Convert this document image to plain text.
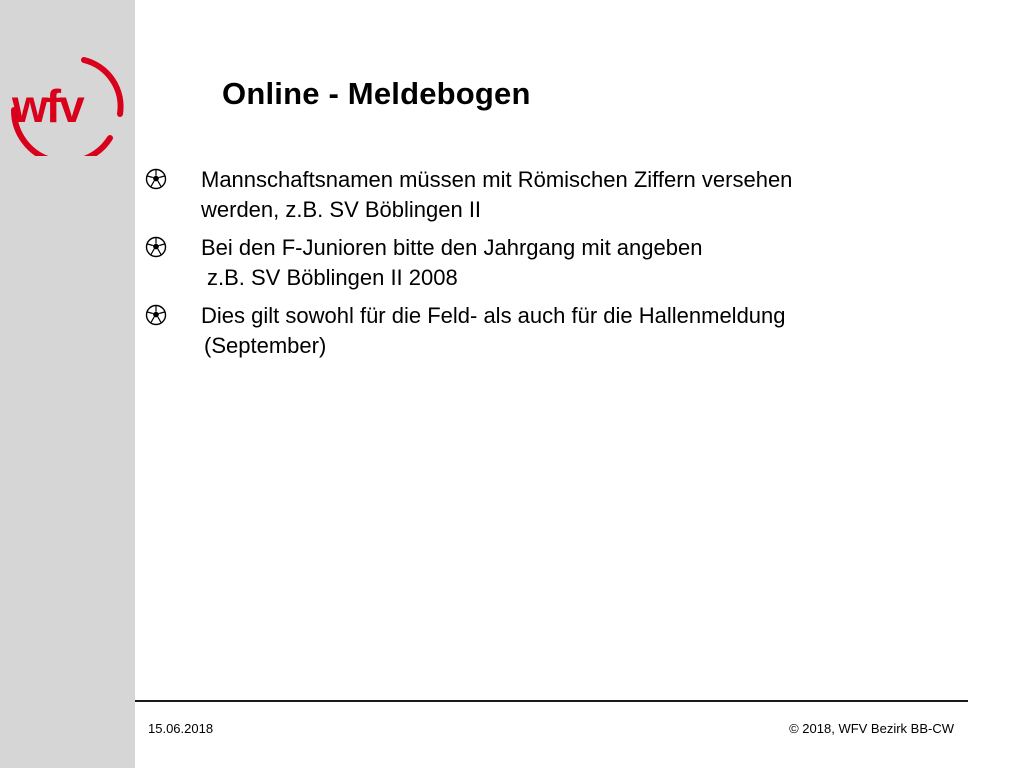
wfv	Online - Meldebogen
Mannschaftsnamen müssen mit Römischen Ziffern versehen
werden, z.B. SV Böblingen II
Bei den F-Junioren bitte den Jahrgang mit angeben
z.B. SV Böblingen II 2008
Dies gilt sowohl für die Feld- als auch für die Hallenmeldung
(September)
15.06.2018	© 2018, WFV Bezirk BB-CW
